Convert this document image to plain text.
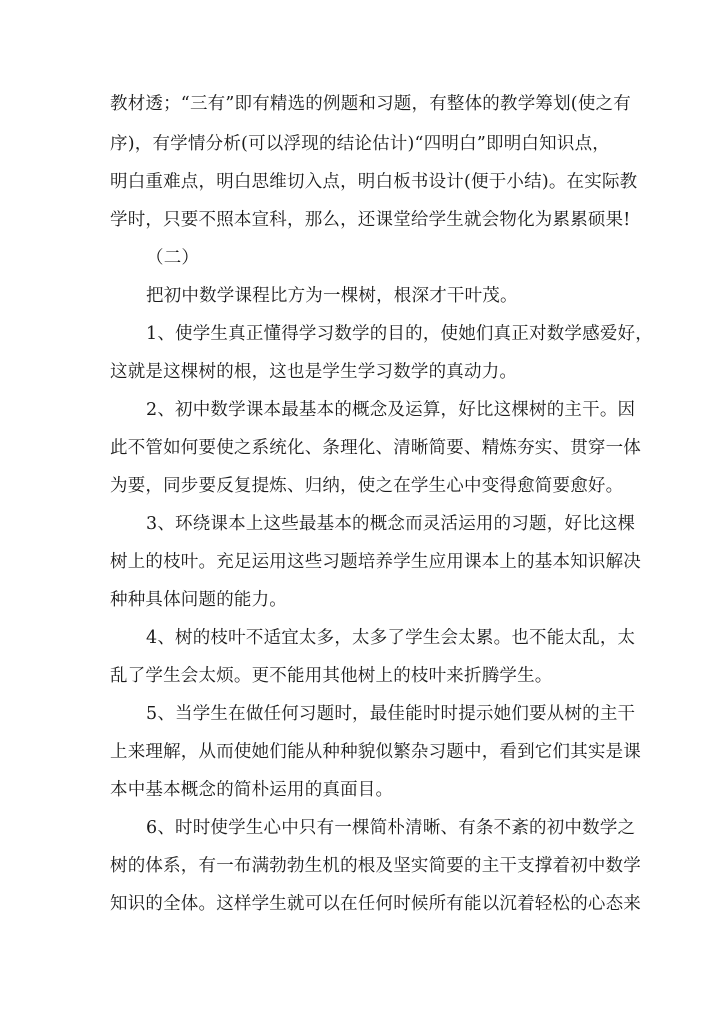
教材透；“三有”即有精选的例题和习题，有整体的教学筹划(使之有
序)，有学情分析(可以浮现的结论估计)“四明白”即明白知识点，
明白重难点，明白思维切入点，明白板书设计(便于小结)。在实际教
学时，只要不照本宣科，那么，还课堂给学生就会物化为累累硕果!
（二）
把初中数学课程比方为一棵树，根深才干叶茂。
1、使学生真正懂得学习数学的目的，使她们真正对数学感爱好，
这就是这棵树的根，这也是学生学习数学的真动力。
2、初中数学课本最基本的概念及运算，好比这棵树的主干。因
此不管如何要使之系统化、条理化、清晰简要、精炼夯实、贯穿一体
为要，同步要反复提炼、归纳，使之在学生心中变得愈简要愈好。
3、环绕课本上这些最基本的概念而灵活运用的习题，好比这棵
树上的枝叶。充足运用这些习题培养学生应用课本上的基本知识解决
种种具体问题的能力。
4、树的枝叶不适宜太多，太多了学生会太累。也不能太乱，太
乱了学生会太烦。更不能用其他树上的枝叶来折腾学生。
5、当学生在做任何习题时，最佳能时时提示她们要从树的主干
上来理解，从而使她们能从种种貌似繁杂习题中，看到它们其实是课
本中基本概念的简朴运用的真面目。
6、时时使学生心中只有一棵简朴清晰、有条不紊的初中数学之
树的体系，有一布满勃勃生机的根及坚实简要的主干支撑着初中数学
知识的全体。这样学生就可以在任何时候所有能以沉着轻松的心态来
